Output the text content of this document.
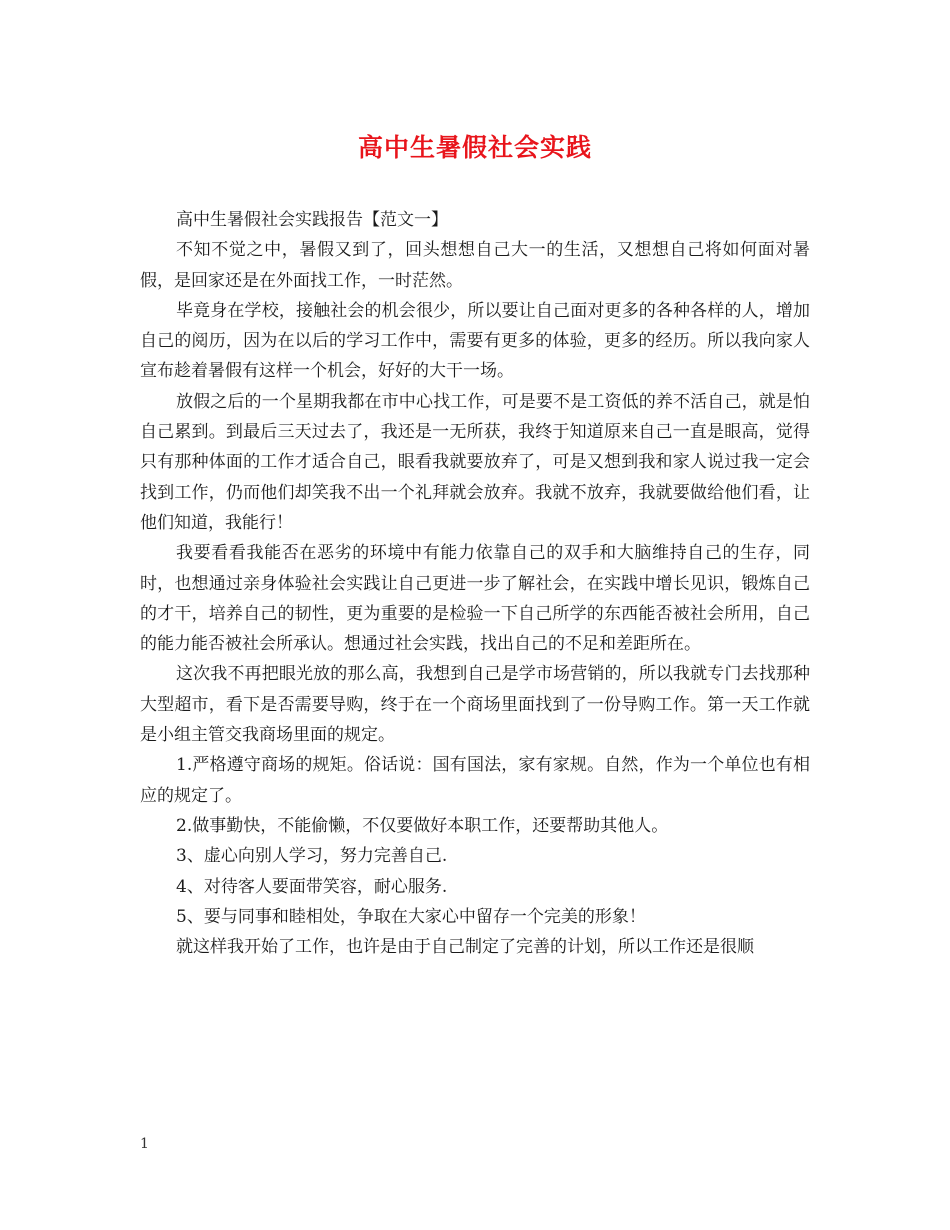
高中生暑假社会实践

高中生暑假社会实践报告【范文一】

不知不觉之中，暑假又到了，回头想想自己大一的生活，又想想自己将如何面对暑假，是回家还是在外面找工作，一时茫然。

毕竟身在学校，接触社会的机会很少，所以要让自己面对更多的各种各样的人，增加自己的阅历，因为在以后的学习工作中，需要有更多的体验，更多的经历。所以我向家人宣布趁着暑假有这样一个机会，好好的大干一场。

放假之后的一个星期我都在市中心找工作，可是要不是工资低的养不活自己，就是怕自己累到。到最后三天过去了，我还是一无所获，我终于知道原来自己一直是眼高，觉得只有那种体面的工作才适合自己，眼看我就要放弃了，可是又想到我和家人说过我一定会找到工作，仍而他们却笑我不出一个礼拜就会放弃。我就不放弃，我就要做给他们看，让他们知道，我能行！

我要看看我能否在恶劣的环境中有能力依靠自己的双手和大脑维持自己的生存，同时，也想通过亲身体验社会实践让自己更进一步了解社会，在实践中增长见识，锻炼自己的才干，培养自己的韧性，更为重要的是检验一下自己所学的东西能否被社会所用，自己的能力能否被社会所承认。想通过社会实践，找出自己的不足和差距所在。

这次我不再把眼光放的那么高，我想到自己是学市场营销的，所以我就专门去找那种大型超市，看下是否需要导购，终于在一个商场里面找到了一份导购工作。第一天工作就是小组主管交我商场里面的规定。

1.严格遵守商场的规矩。俗话说：国有国法，家有家规。自然，作为一个单位也有相应的规定了。

2.做事勤快，不能偷懒，不仅要做好本职工作，还要帮助其他人。

3、虚心向别人学习，努力完善自己.

4、对待客人要面带笑容，耐心服务.

5、要与同事和睦相处，争取在大家心中留存一个完美的形象！

就这样我开始了工作，也许是由于自己制定了完善的计划，所以工作还是很顺

1
